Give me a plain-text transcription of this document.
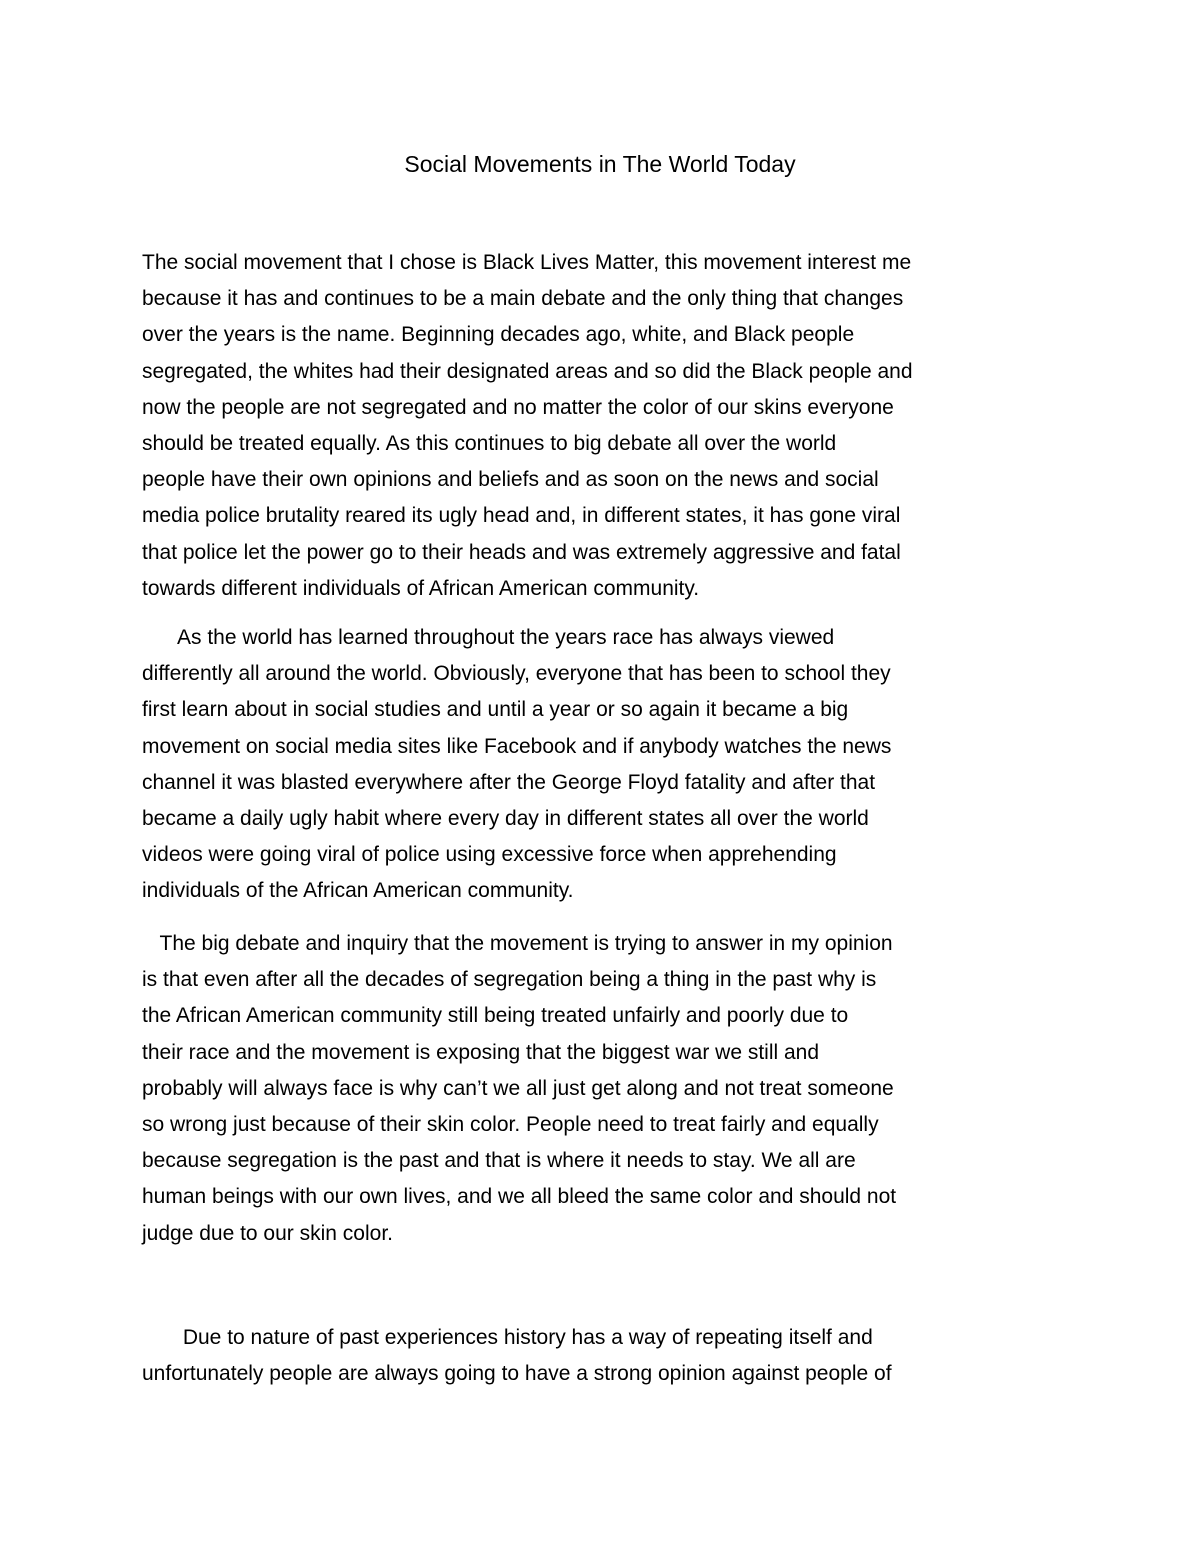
Social Movements in The World Today
The social movement that I chose is Black Lives Matter, this movement interest me
because it has and continues to be a main debate and the only thing that changes
over the years is the name. Beginning decades ago, white, and Black people
segregated, the whites had their designated areas and so did the Black people and
now the people are not segregated and no matter the color of our skins everyone
should be treated equally. As this continues to big debate all over the world
people have their own opinions and beliefs and as soon on the news and social
media police brutality reared its ugly head and, in different states, it has gone viral
that police let the power go to their heads and was extremely aggressive and fatal
towards different individuals of African American community.
As the world has learned throughout the years race has always viewed
differently all around the world. Obviously, everyone that has been to school they
first learn about in social studies and until a year or so again it became a big
movement on social media sites like Facebook and if anybody watches the news
channel it was blasted everywhere after the George Floyd fatality and after that
became a daily ugly habit where every day in different states all over the world
videos were going viral of police using excessive force when apprehending
individuals of the African American community.
The big debate and inquiry that the movement is trying to answer in my opinion
is that even after all the decades of segregation being a thing in the past why is
the African American community still being treated unfairly and poorly due to
their race and the movement is exposing that the biggest war we still and
probably will always face is why can’t we all just get along and not treat someone
so wrong just because of their skin color. People need to treat fairly and equally
because segregation is the past and that is where it needs to stay. We all are
human beings with our own lives, and we all bleed the same color and should not
judge due to our skin color.
Due to nature of past experiences history has a way of repeating itself and
unfortunately people are always going to have a strong opinion against people of
